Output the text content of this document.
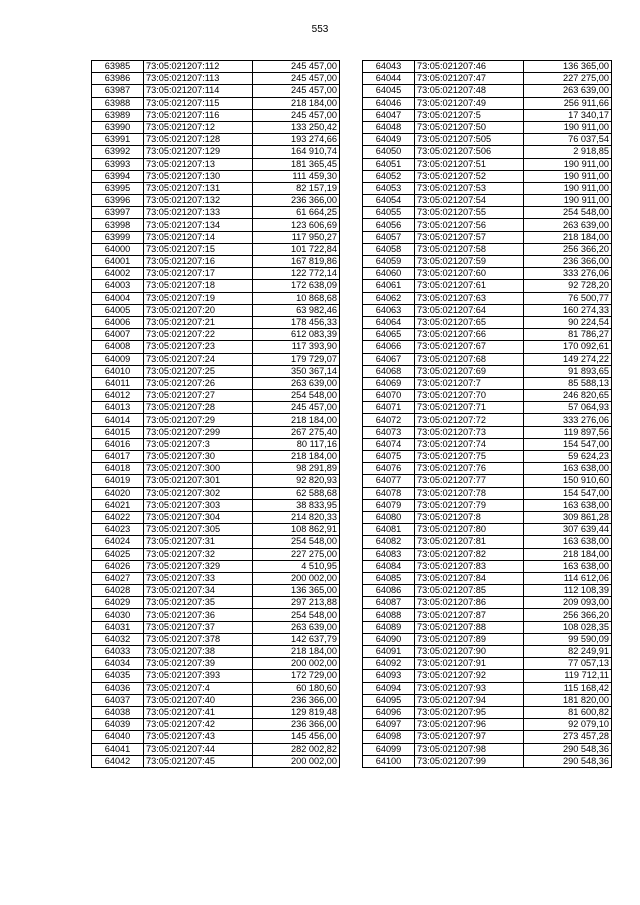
553
63985	73:05:021207:112	245 457,00
63986	73:05:021207:113	245 457,00
63987	73:05:021207:114	245 457,00
63988	73:05:021207:115	218 184,00
63989	73:05:021207:116	245 457,00
63990	73:05:021207:12	133 250,42
63991	73:05:021207:128	193 274,66
63992	73:05:021207:129	164 910,74
63993	73:05:021207:13	181 365,45
63994	73:05:021207:130	111 459,30
63995	73:05:021207:131	82 157,19
63996	73:05:021207:132	236 366,00
63997	73:05:021207:133	61 664,25
63998	73:05:021207:134	123 606,69
63999	73:05:021207:14	117 950,27
64000	73:05:021207:15	101 722,84
64001	73:05:021207:16	167 819,86
64002	73:05:021207:17	122 772,14
64003	73:05:021207:18	172 638,09
64004	73:05:021207:19	10 868,68
64005	73:05:021207:20	63 982,46
64006	73:05:021207:21	178 456,33
64007	73:05:021207:22	612 083,39
64008	73:05:021207:23	117 393,90
64009	73:05:021207:24	179 729,07
64010	73:05:021207:25	350 367,14
64011	73:05:021207:26	263 639,00
64012	73:05:021207:27	254 548,00
64013	73:05:021207:28	245 457,00
64014	73:05:021207:29	218 184,00
64015	73:05:021207:299	267 275,40
64016	73:05:021207:3	80 117,16
64017	73:05:021207:30	218 184,00
64018	73:05:021207:300	98 291,89
64019	73:05:021207:301	92 820,93
64020	73:05:021207:302	62 588,68
64021	73:05:021207:303	38 833,95
64022	73:05:021207:304	214 820,33
64023	73:05:021207:305	108 862,91
64024	73:05:021207:31	254 548,00
64025	73:05:021207:32	227 275,00
64026	73:05:021207:329	4 510,95
64027	73:05:021207:33	200 002,00
64028	73:05:021207:34	136 365,00
64029	73:05:021207:35	297 213,88
64030	73:05:021207:36	254 548,00
64031	73:05:021207:37	263 639,00
64032	73:05:021207:378	142 637,79
64033	73:05:021207:38	218 184,00
64034	73:05:021207:39	200 002,00
64035	73:05:021207:393	172 729,00
64036	73:05:021207:4	60 180,60
64037	73:05:021207:40	236 366,00
64038	73:05:021207:41	129 819,48
64039	73:05:021207:42	236 366,00
64040	73:05:021207:43	145 456,00
64041	73:05:021207:44	282 002,82
64042	73:05:021207:45	200 002,00
64043	73:05:021207:46	136 365,00
64044	73:05:021207:47	227 275,00
64045	73:05:021207:48	263 639,00
64046	73:05:021207:49	256 911,66
64047	73:05:021207:5	17 340,17
64048	73:05:021207:50	190 911,00
64049	73:05:021207:505	76 037,54
64050	73:05:021207:506	2 918,85
64051	73:05:021207:51	190 911,00
64052	73:05:021207:52	190 911,00
64053	73:05:021207:53	190 911,00
64054	73:05:021207:54	190 911,00
64055	73:05:021207:55	254 548,00
64056	73:05:021207:56	263 639,00
64057	73:05:021207:57	218 184,00
64058	73:05:021207:58	256 366,20
64059	73:05:021207:59	236 366,00
64060	73:05:021207:60	333 276,06
64061	73:05:021207:61	92 728,20
64062	73:05:021207:63	76 500,77
64063	73:05:021207:64	160 274,33
64064	73:05:021207:65	90 224,54
64065	73:05:021207:66	81 786,27
64066	73:05:021207:67	170 092,61
64067	73:05:021207:68	149 274,22
64068	73:05:021207:69	91 893,65
64069	73:05:021207:7	85 588,13
64070	73:05:021207:70	246 820,65
64071	73:05:021207:71	57 064,93
64072	73:05:021207:72	333 276,06
64073	73:05:021207:73	119 897,56
64074	73:05:021207:74	154 547,00
64075	73:05:021207:75	59 624,23
64076	73:05:021207:76	163 638,00
64077	73:05:021207:77	150 910,60
64078	73:05:021207:78	154 547,00
64079	73:05:021207:79	163 638,00
64080	73:05:021207:8	309 861,28
64081	73:05:021207:80	307 639,44
64082	73:05:021207:81	163 638,00
64083	73:05:021207:82	218 184,00
64084	73:05:021207:83	163 638,00
64085	73:05:021207:84	114 612,06
64086	73:05:021207:85	112 108,39
64087	73:05:021207:86	209 093,00
64088	73:05:021207:87	256 366,20
64089	73:05:021207:88	108 028,35
64090	73:05:021207:89	99 590,09
64091	73:05:021207:90	82 249,91
64092	73:05:021207:91	77 057,13
64093	73:05:021207:92	119 712,11
64094	73:05:021207:93	115 168,42
64095	73:05:021207:94	181 820,00
64096	73:05:021207:95	81 600,82
64097	73:05:021207:96	92 079,10
64098	73:05:021207:97	273 457,28
64099	73:05:021207:98	290 548,36
64100	73:05:021207:99	290 548,36
